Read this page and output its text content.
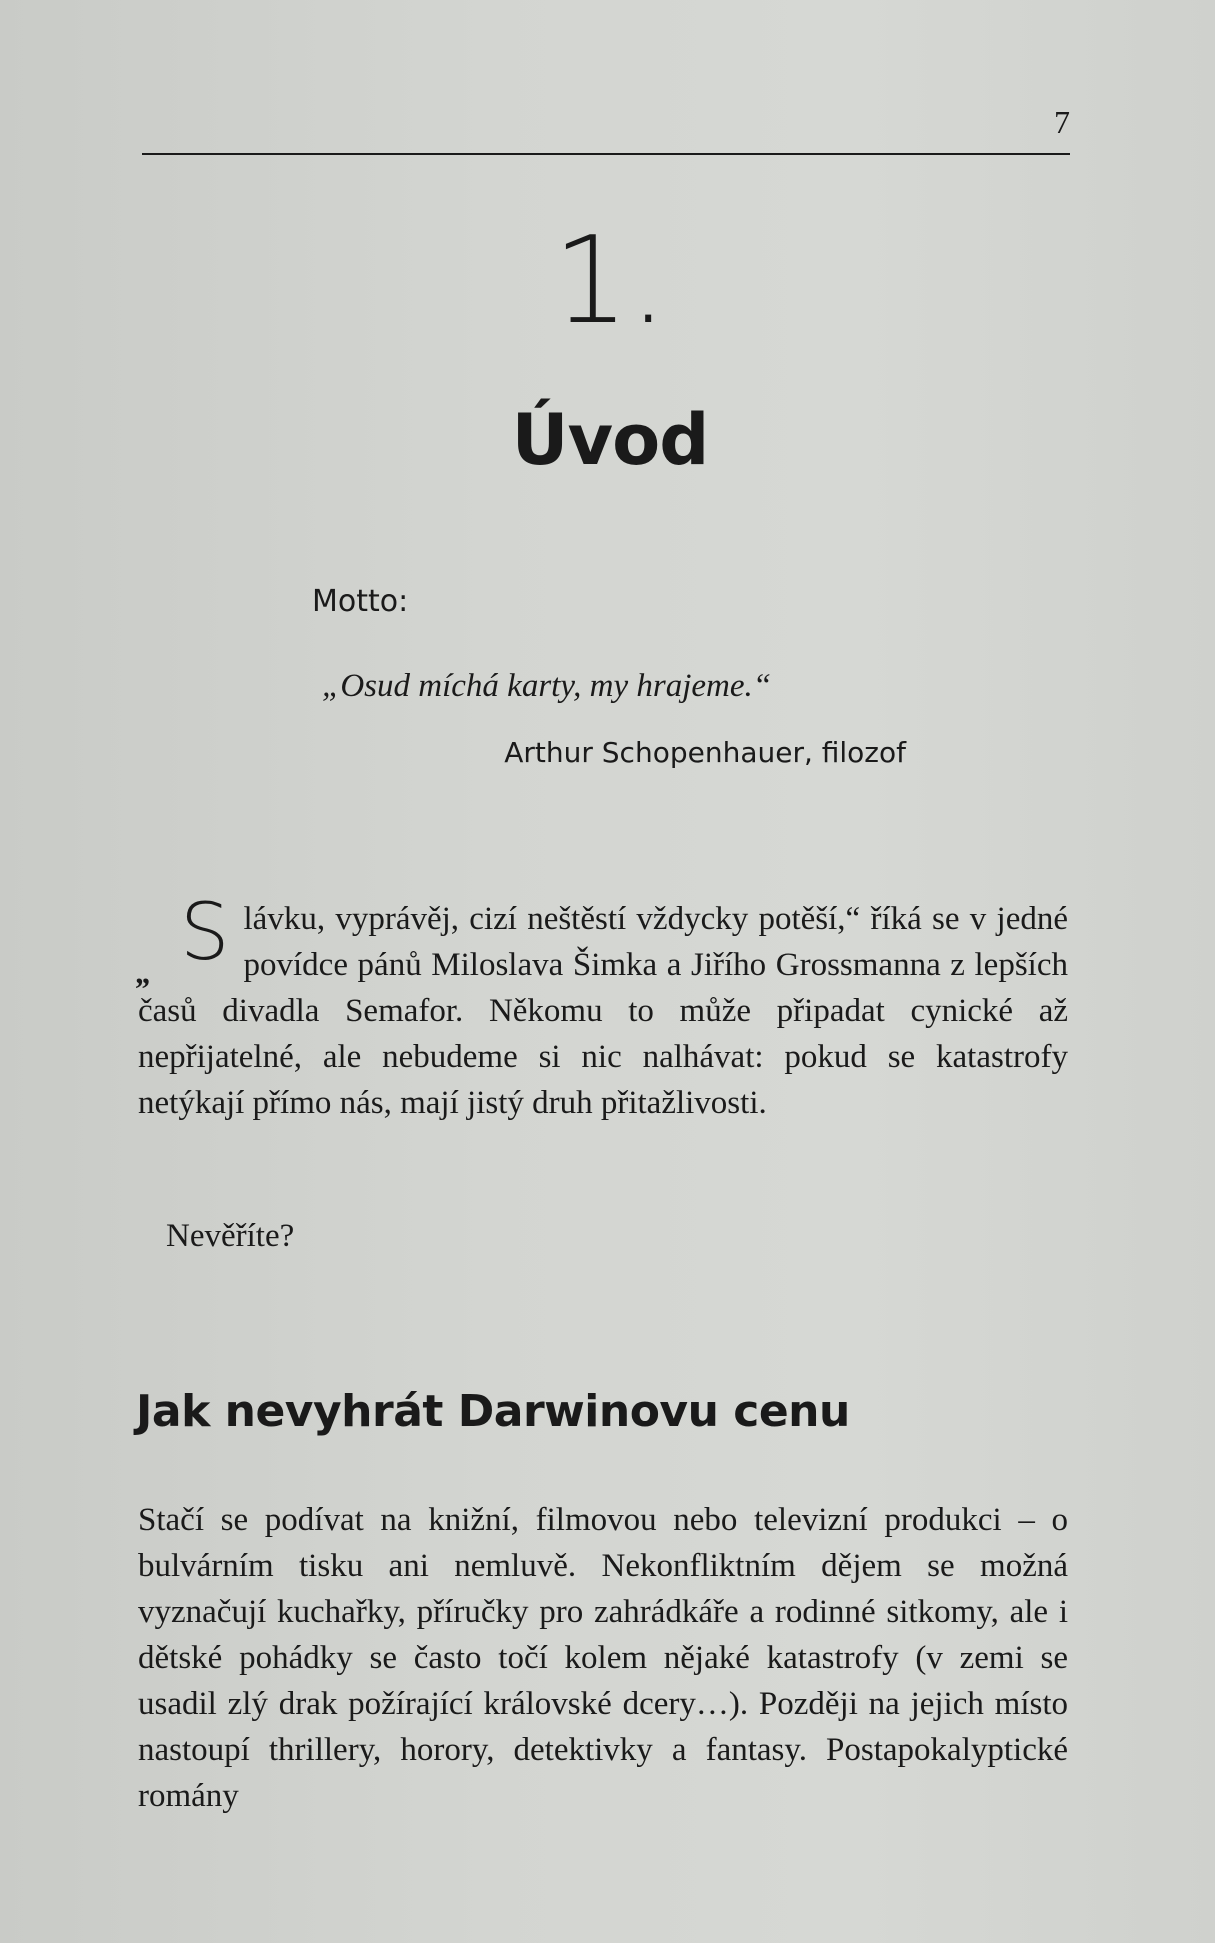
7
1.
Úvod
Motto:
„Osud míchá karty, my hrajeme.“
Arthur Schopenhauer, filozof
„ Slávku, vyprávěj, cizí neštěstí vždycky potěší,“ říká se v jedné povídce pánů Miloslava Šimka a Jiřího Grossmanna z lepších časů divadla Semafor. Někomu to může připadat cynické až nepřijatelné, ale nebudeme si nic nalhávat: pokud se katastrofy netýkají přímo nás, mají jistý druh přitažlivosti.
Nevěříte?
Jak nevyhrát Darwinovu cenu
Stačí se podívat na knižní, filmovou nebo televizní produkci – o bulvárním tisku ani nemluvě. Nekonfliktním dějem se možná vyznačují kuchařky, příručky pro zahrádkáře a rodinné sitkomy, ale i dětské pohádky se často točí kolem nějaké katastrofy (v zemi se usadil zlý drak požírající královské dcery…). Později na jejich místo nastoupí thrillery, horory, detektivky a fantasy. Postapokalyptické romány
